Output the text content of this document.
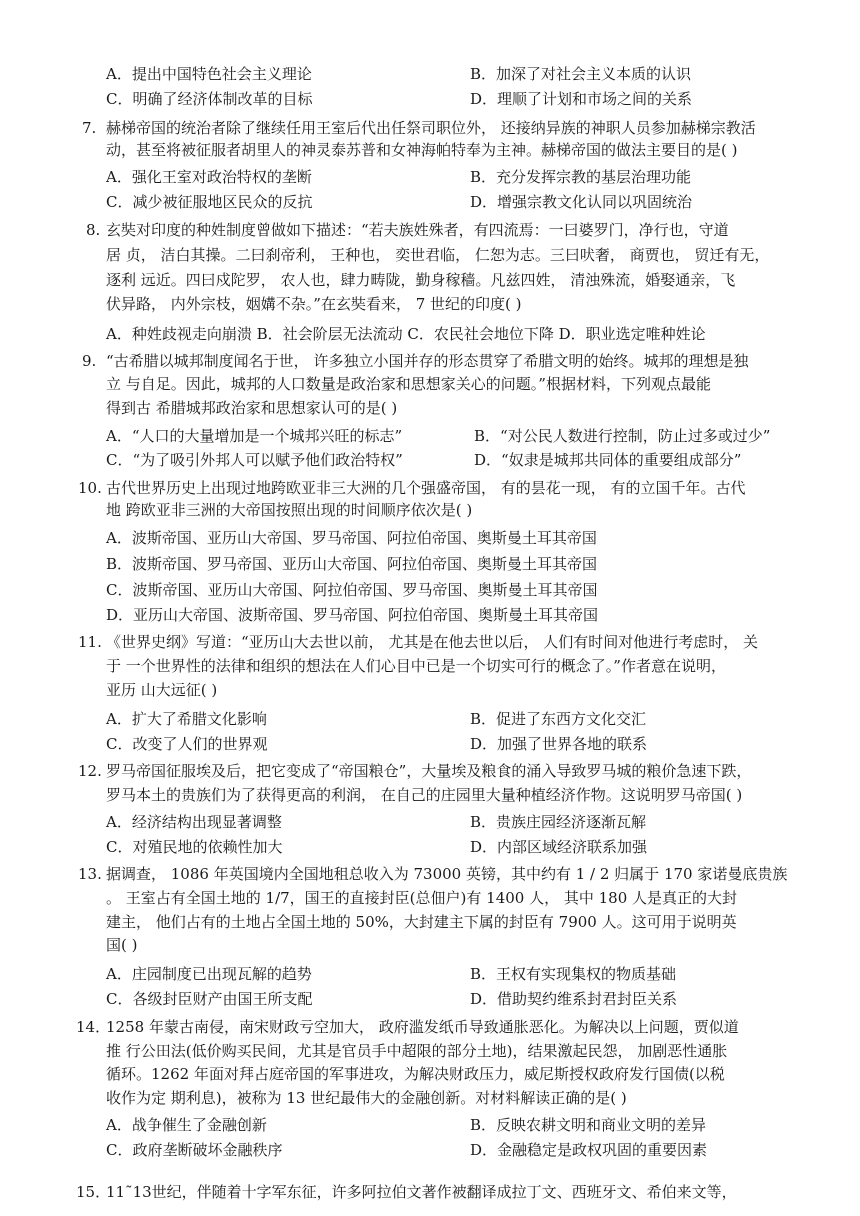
A．提出中国特色社会主义理论	B．加深了对社会主义本质的认识
C．明确了经济体制改革的目标	D．理顺了计划和市场之间的关系
7. 赫梯帝国的统治者除了继续任用王室后代出任祭司职位外， 还接纳异族的神职人员参加赫梯宗教活
动，甚至将被征服者胡里人的神灵泰苏普和女神海帕特奉为主神。赫梯帝国的做法主要目的是( )
A．强化王室对政治特权的垄断	B．充分发挥宗教的基层治理功能
C．减少被征服地区民众的反抗	D．增强宗教文化认同以巩固统治
8. 玄奘对印度的种姓制度曾做如下描述：“若夫族姓殊者，有四流焉：一曰婆罗门，净行也，守道
居 贞， 洁白其操。二曰刹帝利， 王种也， 奕世君临， 仁恕为志。三曰吠奢， 商贾也， 贸迁有无，
逐利 远近。四曰戍陀罗， 农人也，肆力畴陇，勤身稼穑。凡兹四姓， 清浊殊流，婚娶通亲，飞
伏异路， 内外宗枝，姻媾不杂。”在玄奘看来， 7 世纪的印度( )
A．种姓歧视走向崩溃 B．社会阶层无法流动 C．农民社会地位下降 D．职业选定唯种姓论
9. “古希腊以城邦制度闻名于世， 许多独立小国并存的形态贯穿了希腊文明的始终。城邦的理想是独
立 与自足。因此，城邦的人口数量是政治家和思想家关心的问题。”根据材料，下列观点最能
得到古 希腊城邦政治家和思想家认可的是( )
A．“人口的大量增加是一个城邦兴旺的标志”	B．“对公民人数进行控制，防止过多或过少”
C．“为了吸引外邦人可以赋予他们政治特权”	D．“奴隶是城邦共同体的重要组成部分”
10. 古代世界历史上出现过地跨欧亚非三大洲的几个强盛帝国， 有的昙花一现， 有的立国千年。古代
地 跨欧亚非三洲的大帝国按照出现的时间顺序依次是( )
A．波斯帝国、亚历山大帝国、罗马帝国、阿拉伯帝国、奥斯曼土耳其帝国
B．波斯帝国、罗马帝国、亚历山大帝国、阿拉伯帝国、奥斯曼土耳其帝国
C．波斯帝国、亚历山大帝国、阿拉伯帝国、罗马帝国、奥斯曼土耳其帝国
D．亚历山大帝国、波斯帝国、罗马帝国、阿拉伯帝国、奥斯曼土耳其帝国
11. 《世界史纲》写道：“亚历山大去世以前， 尤其是在他去世以后， 人们有时间对他进行考虑时， 关
于 一个世界性的法律和组织的想法在人们心目中已是一个切实可行的概念了。”作者意在说明，
亚历 山大远征( )
A．扩大了希腊文化影响	B．促进了东西方文化交汇
C．改变了人们的世界观	D．加强了世界各地的联系
12. 罗马帝国征服埃及后，把它变成了“帝国粮仓”，大量埃及粮食的涌入导致罗马城的粮价急速下跌，
罗马本土的贵族们为了获得更高的利润， 在自己的庄园里大量种植经济作物。这说明罗马帝国( )
A．经济结构出现显著调整	B．贵族庄园经济逐渐瓦解
C．对殖民地的依赖性加大	D．内部区域经济联系加强
13. 据调查， 1086 年英国境内全国地租总收入为 73000 英镑，其中约有 1 / 2 归属于 170 家诺曼底贵族
。 王室占有全国土地的 1/7，国王的直接封臣(总佃户)有 1400 人， 其中 180 人是真正的大封
建主， 他们占有的土地占全国土地的 50%，大封建主下属的封臣有 7900 人。这可用于说明英
国( )
A．庄园制度已出现瓦解的趋势	B．王权有实现集权的物质基础
C．各级封臣财产由国王所支配	D．借助契约维系封君封臣关系
14．
1258 年蒙古南侵，南宋财政亏空加大， 政府滥发纸币导致通胀恶化。为解决以上问题，贾似道
推 行公田法(低价购买民间，尤其是官员手中超限的部分土地)，结果激起民怨， 加剧恶性通胀
循环。1262 年面对拜占庭帝国的军事进攻，为解决财政压力，威尼斯授权政府发行国债(以税
收作为定 期利息)，被称为 13 世纪最伟大的金融创新。对材料解读正确的是( )
A．战争催生了金融创新	B．反映农耕文明和商业文明的差异
C．政府垄断破坏金融秩序	D．金融稳定是政权巩固的重要因素
15．
11˜13世纪，伴随着十字军东征，许多阿拉伯文著作被翻译成拉丁文、西班牙文、希伯来文等，
